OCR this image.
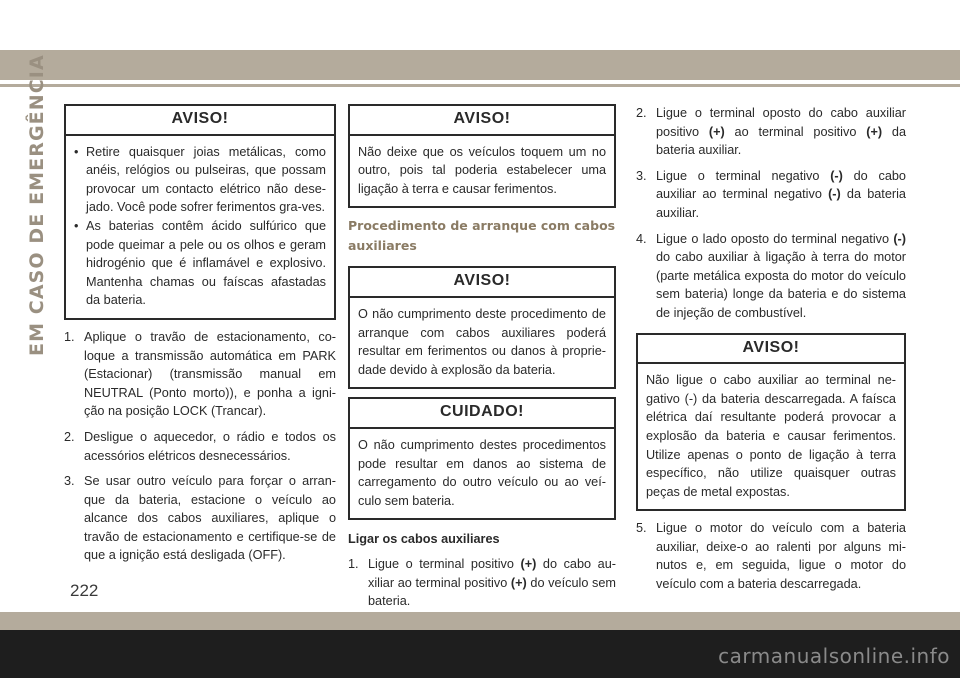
EM CASO DE EMERGÊNCIA	AVISO!
• Retire quaisquer joias metálicas, como anéis, relógios ou pulseiras, que possam provocar um contacto elétrico não dese-jado. Você pode sofrer ferimentos gra-ves.
• As baterias contêm ácido sulfúrico que pode queimar a pele ou os olhos e geram hidrogénio que é inflamável e explosivo. Mantenha chamas ou faíscas afastadas da bateria.
1. Aplique o travão de estacionamento, co-loque a transmissão automática em PARK (Estacionar) (transmissão manual em NEUTRAL (Ponto morto)), e ponha a igni-ção na posição LOCK (Trancar).
2. Desligue o aquecedor, o rádio e todos os acessórios elétricos desnecessários.
3. Se usar outro veículo para forçar o arran-que da bateria, estacione o veículo ao alcance dos cabos auxiliares, aplique o travão de estacionamento e certifique-se de que a ignição está desligada (OFF).
AVISO!
Não deixe que os veículos toquem um no outro, pois tal poderia estabelecer uma ligação à terra e causar ferimentos.
Procedimento de arranque com cabos auxiliares
AVISO!
O não cumprimento deste procedimento de arranque com cabos auxiliares poderá resultar em ferimentos ou danos à proprie-dade devido à explosão da bateria.
CUIDADO!
O não cumprimento destes procedimentos pode resultar em danos ao sistema de carregamento do outro veículo ou ao veí-culo sem bateria.
Ligar os cabos auxiliares
1. Ligue o terminal positivo (+) do cabo au-xiliar ao terminal positivo (+) do veículo sem bateria.
2. Ligue o terminal oposto do cabo auxiliar positivo (+) ao terminal positivo (+) da bateria auxiliar.
3. Ligue o terminal negativo (-) do cabo auxiliar ao terminal negativo (-) da bateria auxiliar.
4. Ligue o lado oposto do terminal negativo (-) do cabo auxiliar à ligação à terra do motor (parte metálica exposta do motor do veículo sem bateria) longe da bateria e do sistema de injeção de combustível.
AVISO!
Não ligue o cabo auxiliar ao terminal ne-gativo (-) da bateria descarregada. A faísca elétrica daí resultante poderá provocar a explosão da bateria e causar ferimentos. Utilize apenas o ponto de ligação à terra específico, não utilize quaisquer outras peças de metal expostas.
5. Ligue o motor do veículo com a bateria auxiliar, deixe-o ao ralenti por alguns mi-nutos e, em seguida, ligue o motor do veículo com a bateria descarregada.
222
carmanualsonline.info
